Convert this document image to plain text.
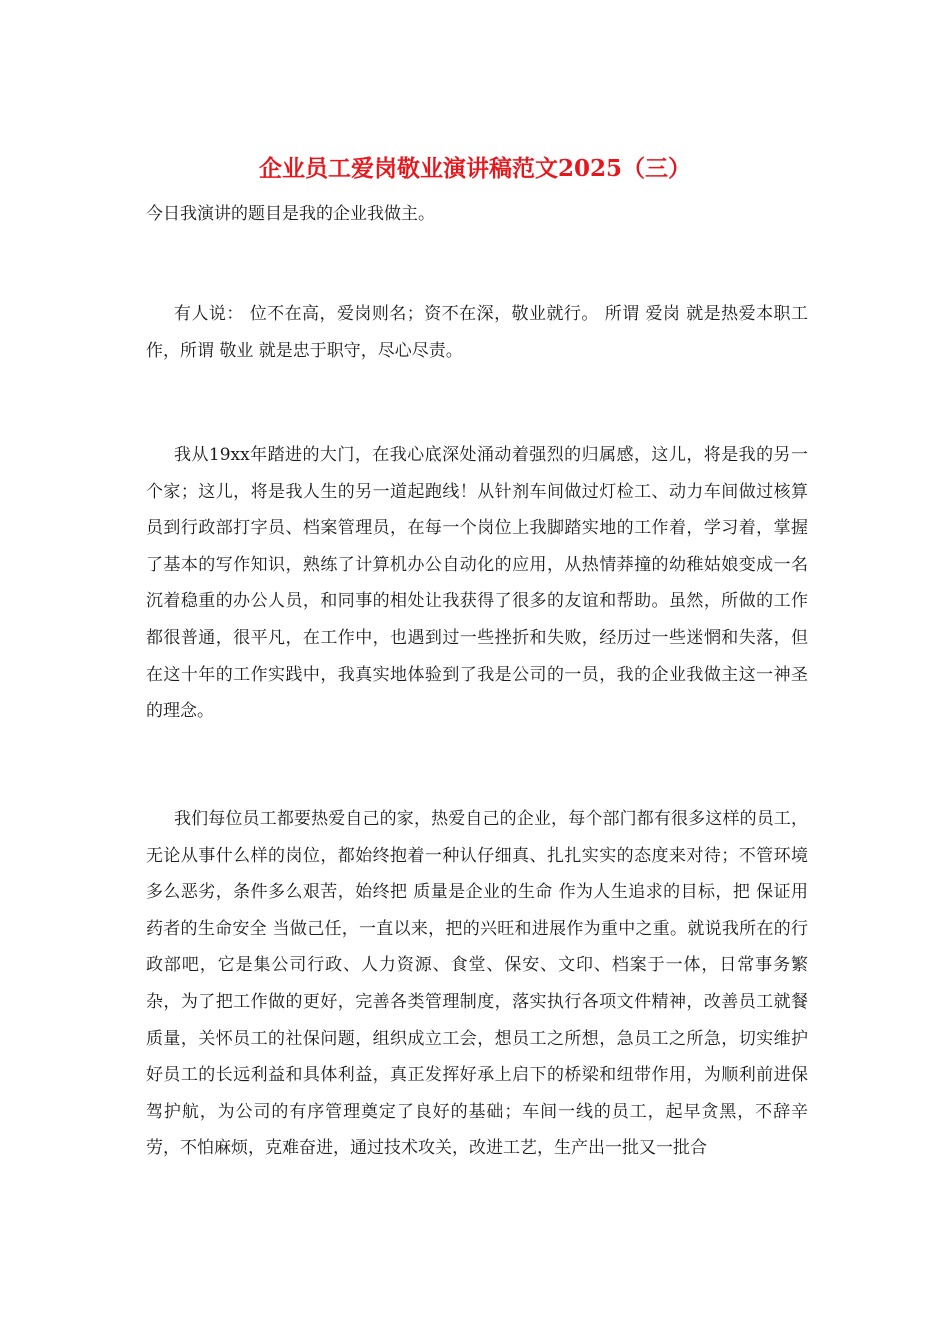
企业员工爱岗敬业演讲稿范文2025（三）

今日我演讲的题目是我的企业我做主。

有人说： 位不在高，爱岗则名；资不在深，敬业就行。 所谓 爱岗 就是热爱本职工作，所谓 敬业 就是忠于职守，尽心尽责。

我从19xx年踏进的大门，在我心底深处涌动着强烈的归属感，这儿，将是我的另一个家；这儿，将是我人生的另一道起跑线！从针剂车间做过灯检工、动力车间做过核算员到行政部打字员、档案管理员，在每一个岗位上我脚踏实地的工作着，学习着，掌握了基本的写作知识，熟练了计算机办公自动化的应用，从热情莽撞的幼稚姑娘变成一名沉着稳重的办公人员，和同事的相处让我获得了很多的友谊和帮助。虽然，所做的工作都很普通，很平凡，在工作中，也遇到过一些挫折和失败，经历过一些迷惘和失落，但在这十年的工作实践中，我真实地体验到了我是公司的一员，我的企业我做主这一神圣的理念。

我们每位员工都要热爱自己的家，热爱自己的企业，每个部门都有很多这样的员工，无论从事什么样的岗位，都始终抱着一种认仔细真、扎扎实实的态度来对待；不管环境多么恶劣，条件多么艰苦，始终把 质量是企业的生命 作为人生追求的目标，把 保证用药者的生命安全 当做己任，一直以来，把的兴旺和进展作为重中之重。就说我所在的行政部吧，它是集公司行政、人力资源、食堂、保安、文印、档案于一体，日常事务繁杂，为了把工作做的更好，完善各类管理制度，落实执行各项文件精神，改善员工就餐质量，关怀员工的社保问题，组织成立工会，想员工之所想，急员工之所急，切实维护好员工的长远利益和具体利益，真正发挥好承上启下的桥梁和纽带作用，为顺利前进保驾护航，为公司的有序管理奠定了良好的基础；车间一线的员工，起早贪黑，不辞辛劳，不怕麻烦，克难奋进，通过技术攻关，改进工艺，生产出一批又一批合
